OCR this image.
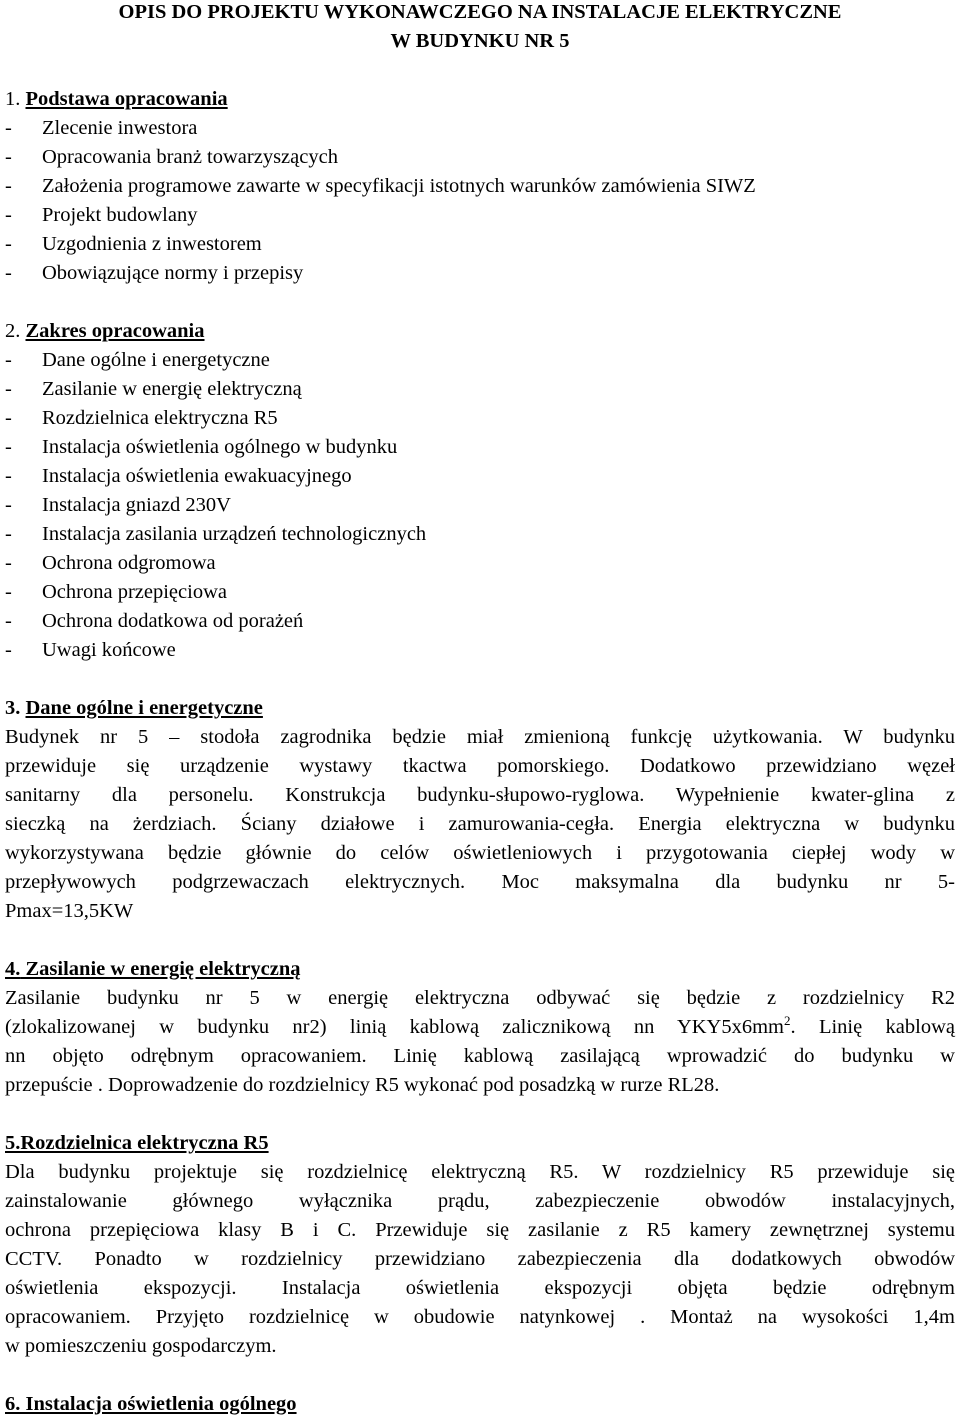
OPIS DO PROJEKTU WYKONAWCZEGO NA INSTALACJE ELEKTRYCZNE
W BUDYNKU NR 5
1. Podstawa opracowania
-	Zlecenie inwestora
-	Opracowania branż towarzyszących
-	Założenia programowe zawarte w specyfikacji istotnych warunków zamówienia SIWZ
-	Projekt budowlany
-	Uzgodnienia z inwestorem
-	Obowiązujące normy i przepisy
2. Zakres opracowania
-	Dane ogólne i energetyczne
-	Zasilanie w energię elektryczną
-	Rozdzielnica elektryczna R5
-	Instalacja oświetlenia ogólnego w budynku
-	Instalacja oświetlenia ewakuacyjnego
-	Instalacja gniazd 230V
-	Instalacja zasilania urządzeń technologicznych
-	Ochrona odgromowa
-	Ochrona przepięciowa
-	Ochrona dodatkowa od porażeń
-	Uwagi końcowe
3. Dane ogólne i energetyczne
Budynek nr 5 – stodoła zagrodnika będzie miał zmienioną funkcję użytkowania. W budynku
przewiduje się urządzenie wystawy tkactwa pomorskiego. Dodatkowo przewidziano węzeł
sanitarny dla personelu. Konstrukcja budynku-słupowo-ryglowa. Wypełnienie kwater-glina z
sieczką na żerdziach. Ściany działowe i zamurowania-cegła. Energia elektryczna w budynku
wykorzystywana będzie głównie do celów oświetleniowych i przygotowania ciepłej wody w
przepływowych podgrzewaczach elektrycznych. Moc maksymalna dla budynku nr 5-
Pmax=13,5KW
4. Zasilanie w energię elektryczną
Zasilanie budynku nr 5 w energię elektryczna odbywać się będzie z rozdzielnicy R2
(zlokalizowanej w budynku nr2) linią kablową zalicznikową nn $YKY5x6mm^2$. Linię kablową
nn objęto odrębnym opracowaniem. Linię kablową zasilającą wprowadzić do budynku w
przepuście . Doprowadzenie do rozdzielnicy R5 wykonać pod posadzką w rurze RL28.
5.Rozdzielnica elektryczna R5
Dla budynku projektuje się rozdzielnicę elektryczną R5. W rozdzielnicy R5 przewiduje się
zainstalowanie głównego wyłącznika prądu, zabezpieczenie obwodów instalacyjnych,
ochrona przepięciowa klasy B i C. Przewiduje się zasilanie z R5 kamery zewnętrznej systemu
CCTV. Ponadto w rozdzielnicy przewidziano zabezpieczenia dla dodatkowych obwodów
oświetlenia ekspozycji. Instalacja oświetlenia ekspozycji objęta będzie odrębnym
opracowaniem. Przyjęto rozdzielnicę w obudowie natynkowej . Montaż na wysokości 1,4m
w pomieszczeniu gospodarczym.
6. Instalacja oświetlenia ogólnego
